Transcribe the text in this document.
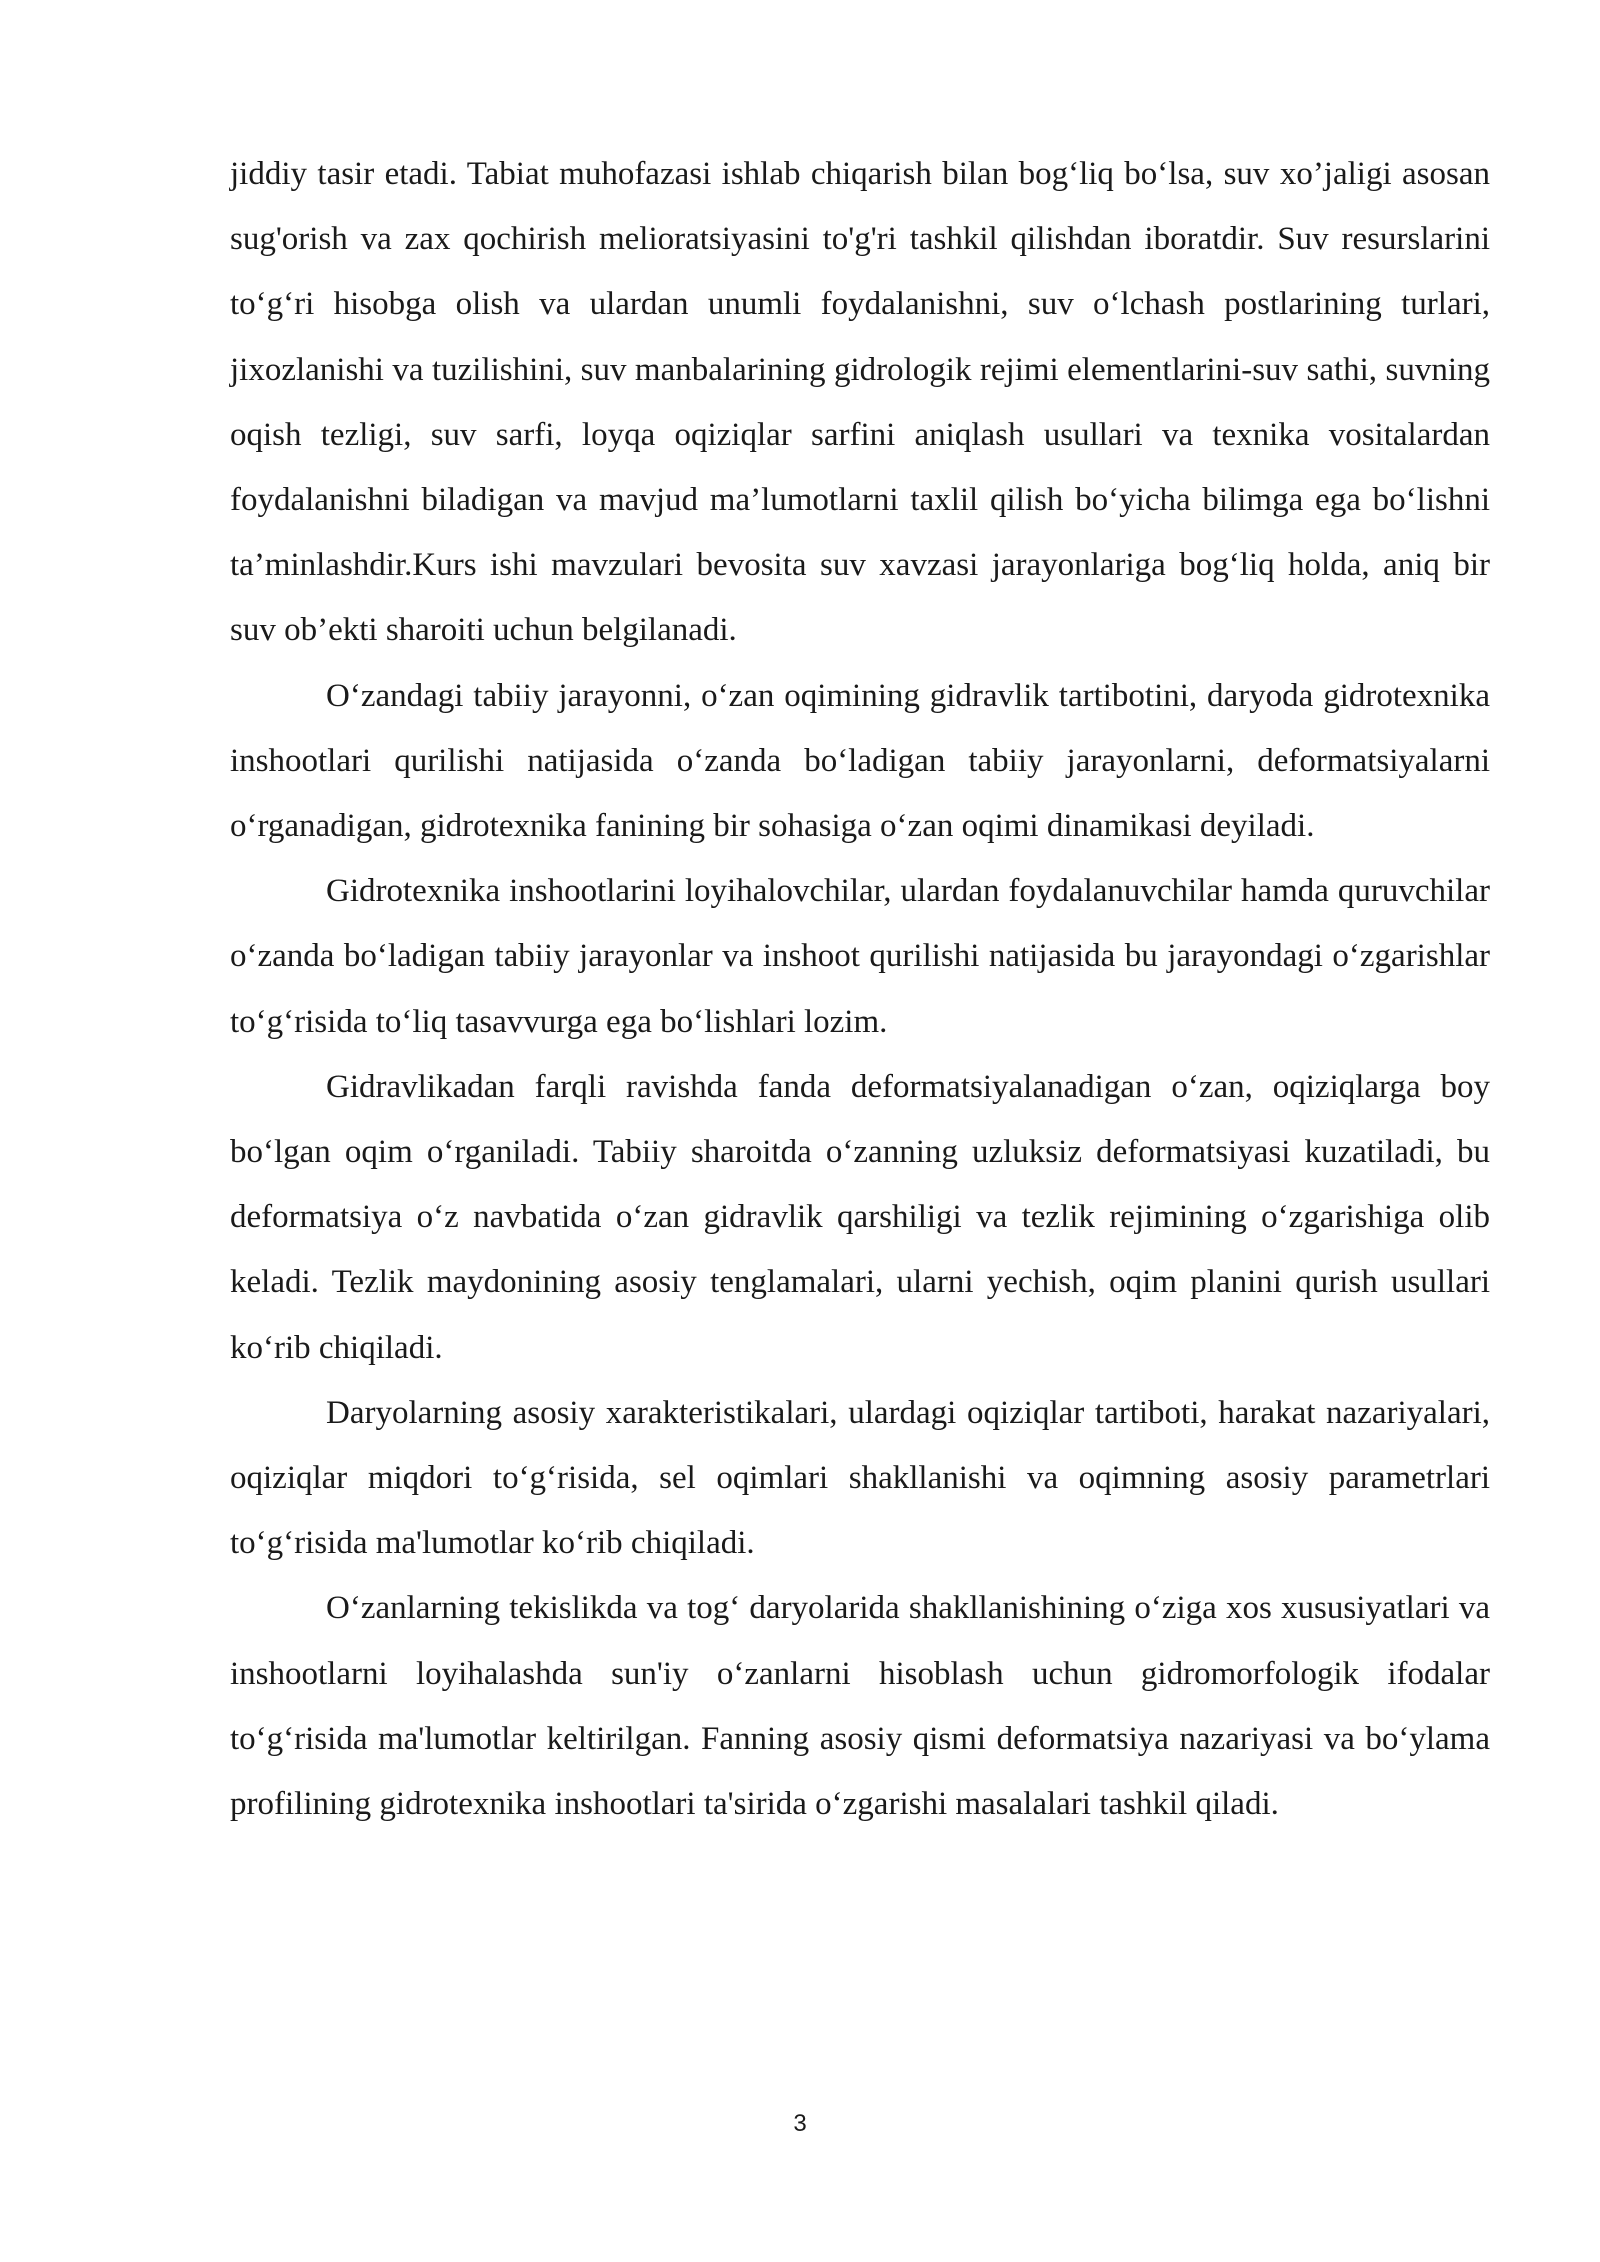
jiddiy tasir etadi. Tabiat muhofazasi ishlab chiqarish bilan bog‘liq bo‘lsa, suv xo’jaligi asosan sug'orish va zax qochirish melioratsiyasini to'g'ri tashkil qilishdan iboratdir. Suv resurslarini to‘g‘ri hisobga olish va ulardan unumli foydalanishni, suv o‘lchash postlarining turlari, jixozlanishi va tuzilishini, suv manbalarining gidrologik rejimi elementlarini-suv sathi, suvning oqish tezligi, suv sarfi, loyqa oqiziqlar sarfini aniqlash usullari va texnika vositalardan foydalanishni biladigan va mavjud ma’lumotlarni taxlil qilish bo‘yicha bilimga ega bo‘lishni ta’minlashdir.Kurs ishi mavzulari bevosita suv xavzasi jarayonlariga bog‘liq holda, aniq bir suv ob’ekti sharoiti uchun belgilanadi.

O‘zandagi tabiiy jarayonni, o‘zan oqimining gidravlik tartibotini, daryoda gidrotexnika inshootlari qurilishi natijasida o‘zanda bo‘ladigan tabiiy jarayonlarni, deformatsiyalarni o‘rganadigan, gidrotexnika fanining bir sohasiga o‘zan oqimi dinamikasi deyiladi.

Gidrotexnika inshootlarini loyihalovchilar, ulardan foydalanuvchilar hamda quruvchilar o‘zanda bo‘ladigan tabiiy jarayonlar va inshoot qurilishi natijasida bu jarayondagi o‘zgarishlar to‘g‘risida to‘liq tasavvurga ega bo‘lishlari lozim.

Gidravlikadan farqli ravishda fanda deformatsiyalanadigan o‘zan, oqiziqlarga boy bo‘lgan oqim o‘rganiladi. Tabiiy sharoitda o‘zanning uzluksiz deformatsiyasi kuzatiladi, bu deformatsiya o‘z navbatida o‘zan gidravlik qarshiligi va tezlik rejimining o‘zgarishiga olib keladi. Tezlik maydonining asosiy tenglamalari, ularni yechish, oqim planini qurish usullari ko‘rib chiqiladi.

Daryolarning asosiy xarakteristikalari, ulardagi oqiziqlar tartiboti, harakat nazariyalari, oqiziqlar miqdori to‘g‘risida, sel oqimlari shakllanishi va oqimning asosiy parametrlari to‘g‘risida ma'lumotlar ko‘rib chiqiladi.

O‘zanlarning tekislikda va tog‘ daryolarida shakllanishining o‘ziga xos xususiyatlari va inshootlarni loyihalashda sun'iy o‘zanlarni hisoblash uchun gidromorfologik ifodalar to‘g‘risida ma'lumotlar keltirilgan. Fanning asosiy qismi deformatsiya nazariyasi va bo‘ylama profilining gidrotexnika inshootlari ta'sirida o‘zgarishi masalalari tashkil qiladi.

3
